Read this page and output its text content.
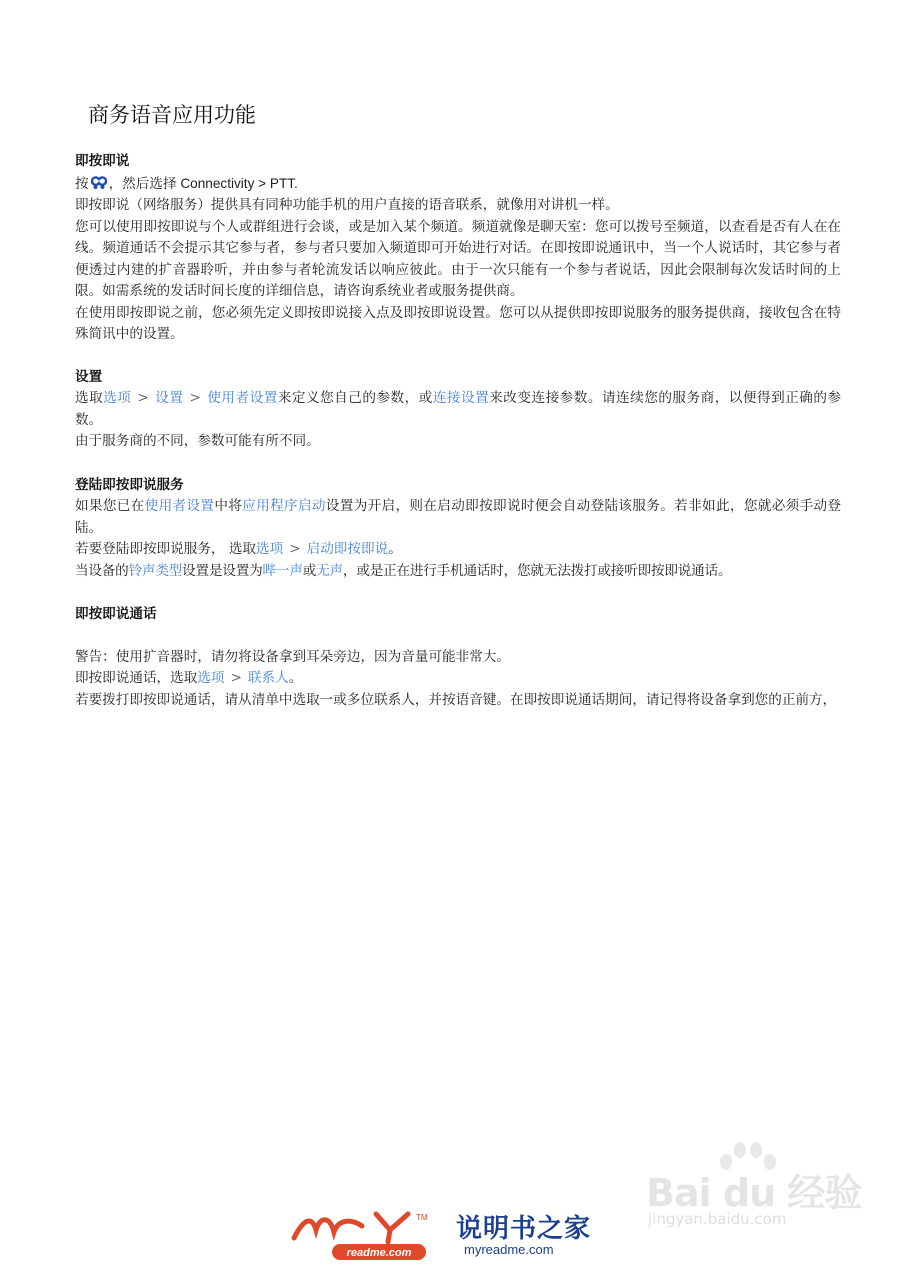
商务语音应用功能

即按即说

按 ，然后选择 Connectivity > PTT.

即按即说（网络服务）提供具有同种功能手机的用户直接的语音联系，就像用对讲机一样。

您可以使用即按即说与个人或群组进行会谈，或是加入某个频道。频道就像是聊天室：您可以拨号至频道，以查看是否有人在在线。频道通话不会提示其它参与者，参与者只要加入频道即可开始进行对话。在即按即说通讯中，当一个人说话时，其它参与者便透过内建的扩音器聆听，并由参与者轮流发话以响应彼此。由于一次只能有一个参与者说话，因此会限制每次发话时间的上限。如需系统的发话时间长度的详细信息，请咨询系统业者或服务提供商。

在使用即按即说之前，您必须先定义即按即说接入点及即按即说设置。您可以从提供即按即说服务的服务提供商，接收包含在特殊简讯中的设置。

设置

选取选项 > 设置 > 使用者设置来定义您自己的参数，或连接设置来改变连接参数。请连续您的服务商，以便得到正确的参数。

由于服务商的不同，参数可能有所不同。

登陆即按即说服务

如果您已在使用者设置中将应用程序启动设置为开启，则在启动即按即说时便会自动登陆该服务。若非如此，您就必须手动登陆。

若要登陆即按即说服务， 选取选项 > 启动即按即说。

当设备的铃声类型设置是设置为哔一声或无声，或是正在进行手机通话时，您就无法拨打或接听即按即说通话。

即按即说通话

警告：使用扩音器时，请勿将设备拿到耳朵旁边，因为音量可能非常大。

即按即说通话，选取选项 > 联系人。

若要拨打即按即说通话，请从清单中选取一或多位联系人，并按语音键。在即按即说通话期间，请记得将设备拿到您的正前方，

Bai du 经验
jingyan.baidu.com
TM
readme.com
说明书之家
myreadme.com
